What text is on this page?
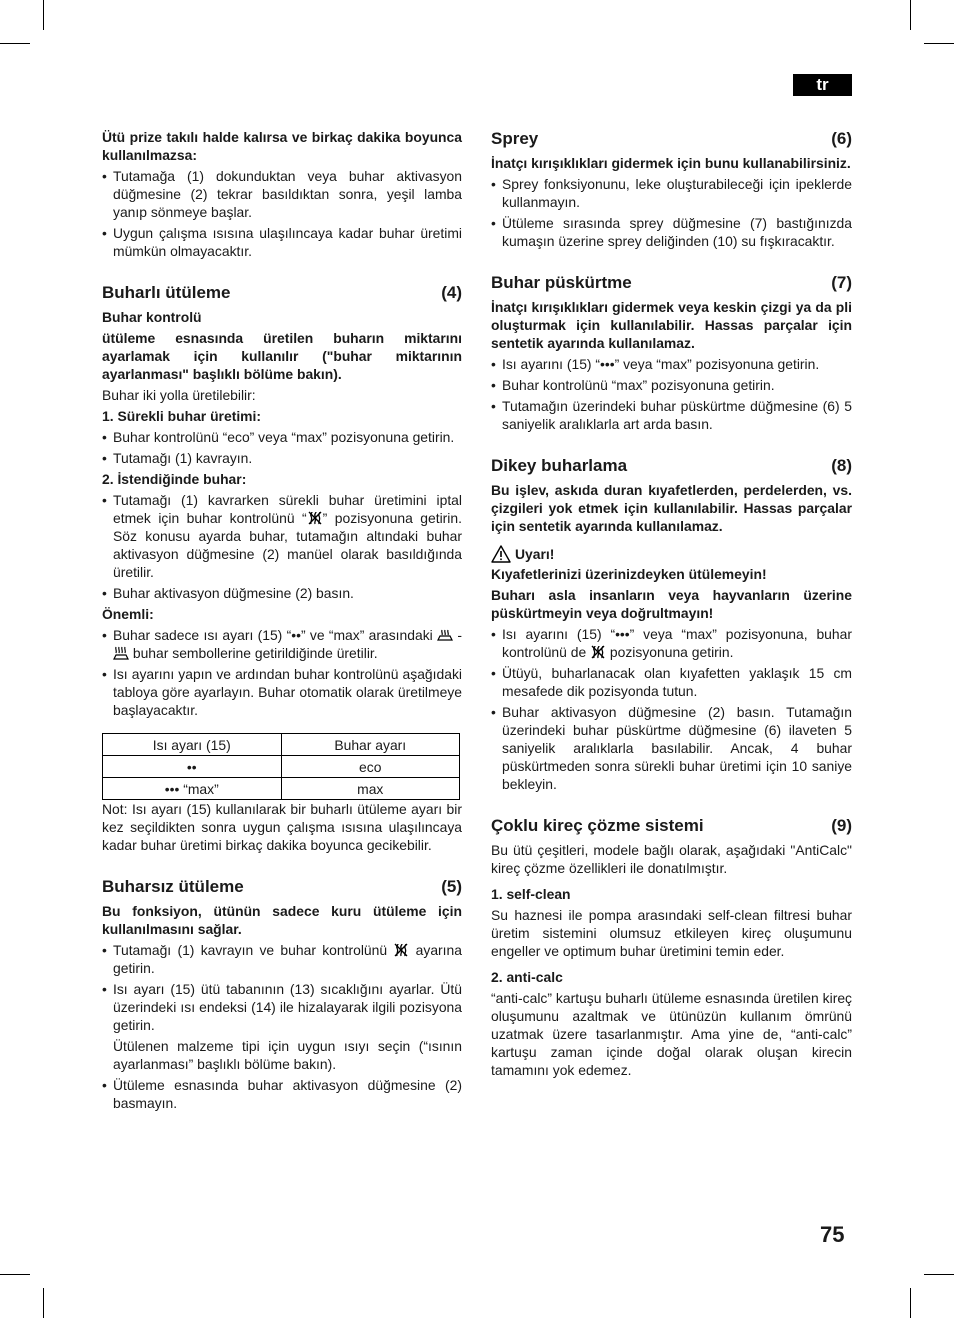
tr

Ütü prize takılı halde kalırsa ve birkaç dakika boyunca kullanılmazsa:

• Tutamağa (1) dokunduktan veya buhar aktivasyon düğmesine (2) tekrar basıldıktan sonra, yeşil lamba yanıp sönmeye başlar.
• Uygun çalışma ısısına ulaşılıncaya kadar buhar üretimi mümkün olmayacaktır.
Buharlı ütüleme	(4)

Buhar kontrolü

ütüleme esnasında üretilen buharın miktarını ayarlamak için kullanılır ("buhar miktarının ayarlanması" başlıklı bölüme bakın).

Buhar iki yolla üretilebilir:

1. Sürekli buhar üretimi:

• Buhar kontrolünü “eco” veya “max” pozisyonuna getirin.
• Tutamağı (1) kavrayın.

2. İstendiğinde buhar:

• Tutamağı (1) kavrarken sürekli buhar üretimini iptal etmek için buhar kontrolünü “ ” pozisyonuna getirin. Söz konusu ayarda buhar, tutamağın altındaki buhar aktivasyon düğmesine (2) manüel olarak basıldığında üretilir.
• Buhar aktivasyon düğmesine (2) basın.

Önemli:

• Buhar sadece ısı ayarı (15) “••” ve “max” arasındaki -  buhar sembollerine getirildiğinde üretilir.
• Isı ayarını yapın ve ardından buhar kontrolünü aşağıdaki tabloya göre ayarlayın. Buhar otomatik olarak üretilmeye başlayacaktır.
Isı ayarı (15)	Buhar ayarı
••	eco
••• “max”	max

Not: Isı ayarı (15) kullanılarak bir buharlı ütüleme ayarı bir kez seçildikten sonra uygun çalışma ısısına ulaşılıncaya kadar buhar üretimi birkaç dakika boyunca gecikebilir.

Buharsız ütüleme	(5)

Bu fonksiyon, ütünün sadece kuru ütüleme için kullanılmasını sağlar.

• Tutamağı (1) kavrayın ve buhar kontrolünü ayarına getirin.
• Isı ayarı (15) ütü tabanının (13) sıcaklığını ayarlar. Ütü üzerindeki ısı endeksi (14) ile hizalayarak ilgili pozisyona getirin.

Ütülenen malzeme tipi için uygun ısıyı seçin (“ısının ayarlanması” başlıklı bölüme bakın).

• Ütüleme esnasında buhar aktivasyon düğmesine (2) basmayın.
Sprey	(6)

İnatçı kırışıklıkları gidermek için bunu kullanabilirsiniz.

• Sprey fonksiyonunu, leke oluşturabileceği için ipeklerde kullanmayın.
• Ütüleme sırasında sprey düğmesine (7) bastığınızda kumaşın üzerine sprey deliğinden (10) su fışkıracaktır.
Buhar püskürtme	(7)

İnatçı kırışıklıkları gidermek veya keskin çizgi ya da pli oluşturmak için kullanılabilir. Hassas parçalar için sentetik ayarında kullanılamaz.

• Isı ayarını (15) “•••” veya “max” pozisyonuna getirin.
• Buhar kontrolünü “max” pozisyonuna getirin.
• Tutamağın üzerindeki buhar püskürtme düğmesine (6) 5 saniyelik aralıklarla art arda basın.
Dikey buharlama	(8)

Bu işlev, askıda duran kıyafetlerden, perdelerden, vs. çizgileri yok etmek için kullanılabilir. Hassas parçalar için sentetik ayarında kullanılamaz.

Uyarı!

Kıyafetlerinizi üzerinizdeyken ütülemeyin!

Buharı asla insanların veya hayvanların üzerine püskürtmeyin veya doğrultmayın!

• Isı ayarını (15) “•••” veya “max” pozisyonuna, buhar kontrolünü de pozisyonuna getirin.
• Ütüyü, buharlanacak olan kıyafetten yaklaşık 15 cm mesafede dik pozisyonda tutun.
• Buhar aktivasyon düğmesine (2) basın. Tutamağın üzerindeki buhar püskürtme düğmesine (6) ilaveten 5 saniyelik aralıklarla basılabilir. Ancak, 4 buhar püskürtmeden sonra sürekli buhar üretimi için 10 saniye bekleyin.
Çoklu kireç çözme sistemi	(9)

Bu ütü çeşitleri, modele bağlı olarak, aşağıdaki "AntiCalc" kireç çözme özellikleri ile donatılmıştır.

1. self-clean

Su haznesi ile pompa arasındaki self-clean filtresi buhar üretim sistemini olumsuz etkileyen kireç oluşumunu engeller ve optimum buhar üretimini temin eder.

2. anti-calc

“anti-calc” kartuşu buharlı ütüleme esnasında üretilen kireç oluşumunu azaltmak ve ütünüzün kullanım ömrünü uzatmak üzere tasarlanmıştır. Ama yine de, “anti-calc” kartuşu zaman içinde doğal olarak oluşan kirecin tamamını yok edemez.

75
